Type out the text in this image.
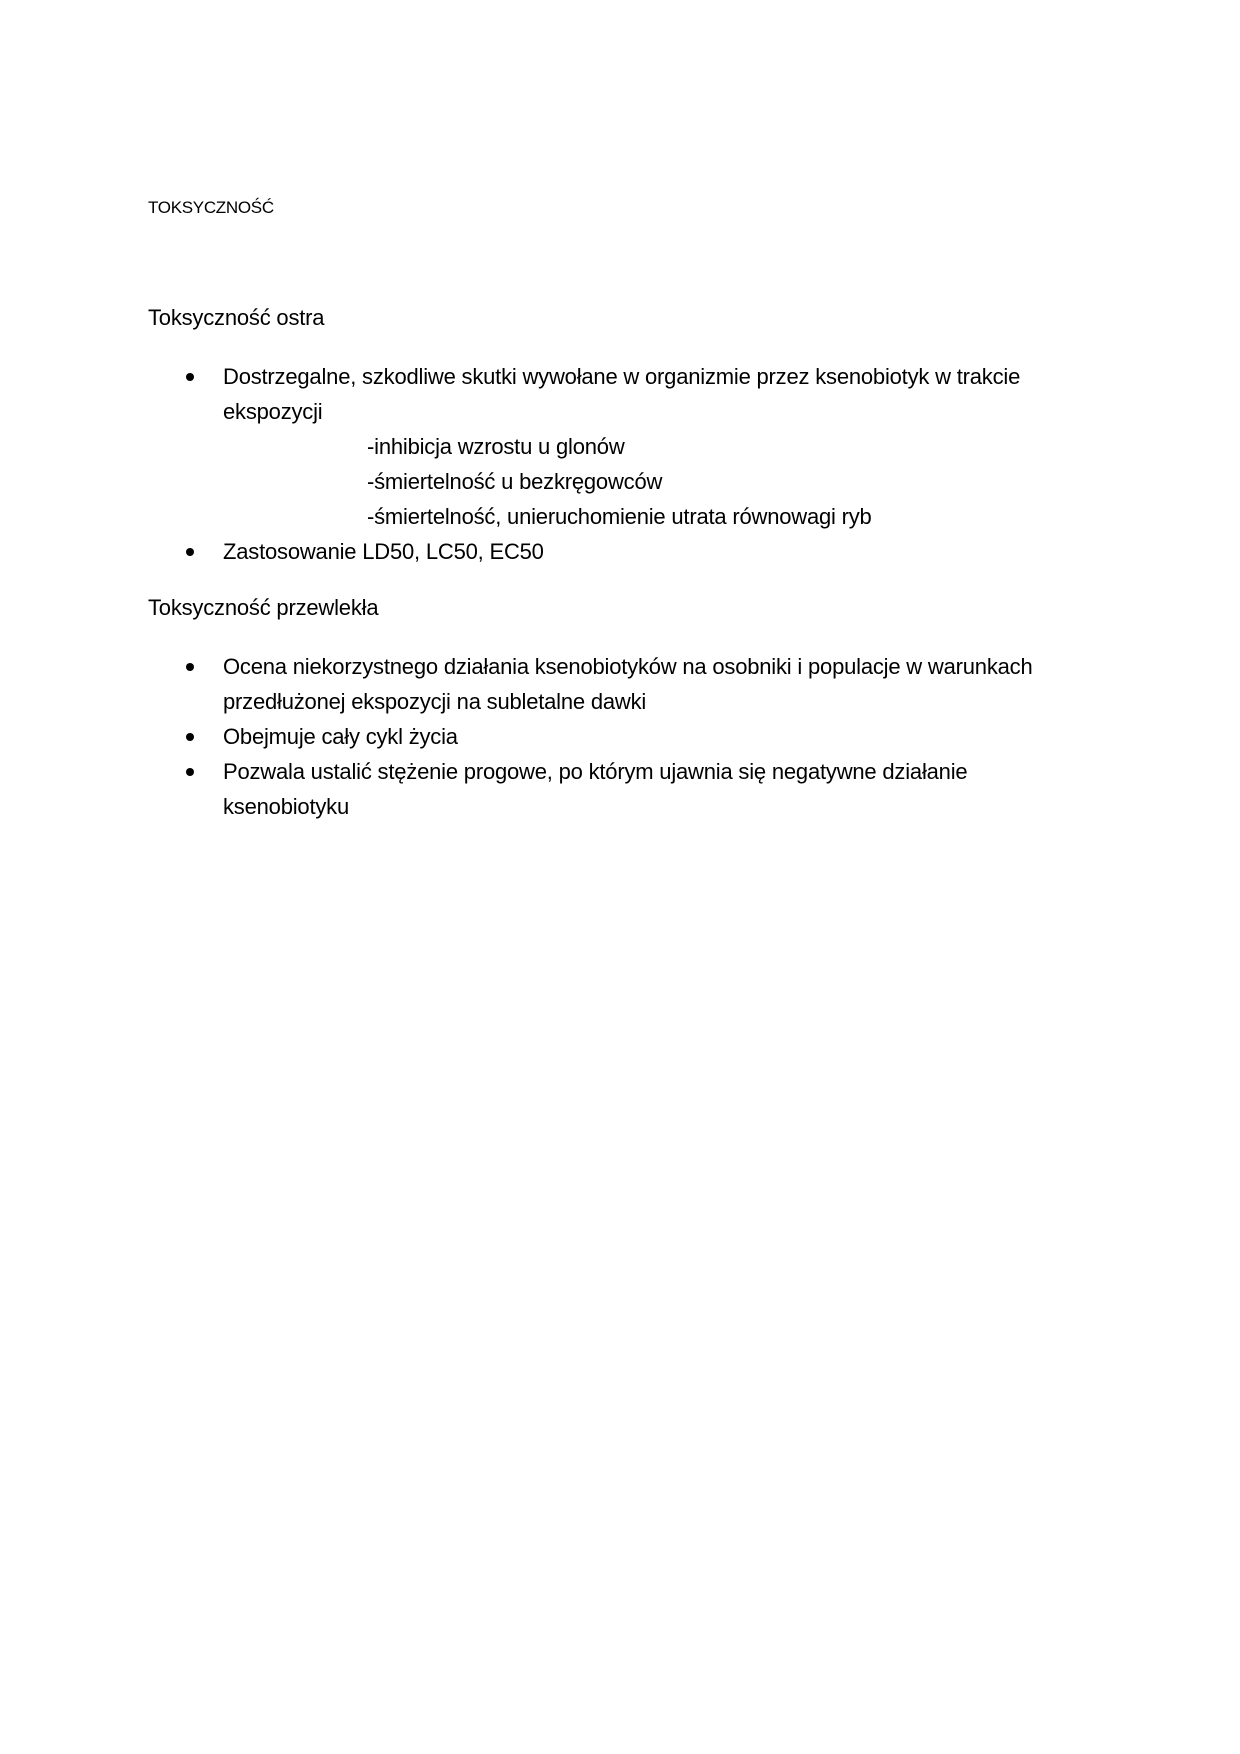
TOKSYCZNOŚĆ
Toksyczność ostra
Dostrzegalne, szkodliwe skutki wywołane w organizmie przez ksenobiotyk w trakcie ekspozycji
-inhibicja wzrostu u glonów
-śmiertelność u bezkręgowców
-śmiertelność, unieruchomienie utrata równowagi ryb
Zastosowanie LD50, LC50, EC50
Toksyczność przewlekła
Ocena niekorzystnego działania ksenobiotyków na osobniki i populacje w warunkach przedłużonej ekspozycji na subletalne dawki
Obejmuje cały cykl życia
Pozwala ustalić stężenie progowe, po którym ujawnia się negatywne działanie ksenobiotyku
